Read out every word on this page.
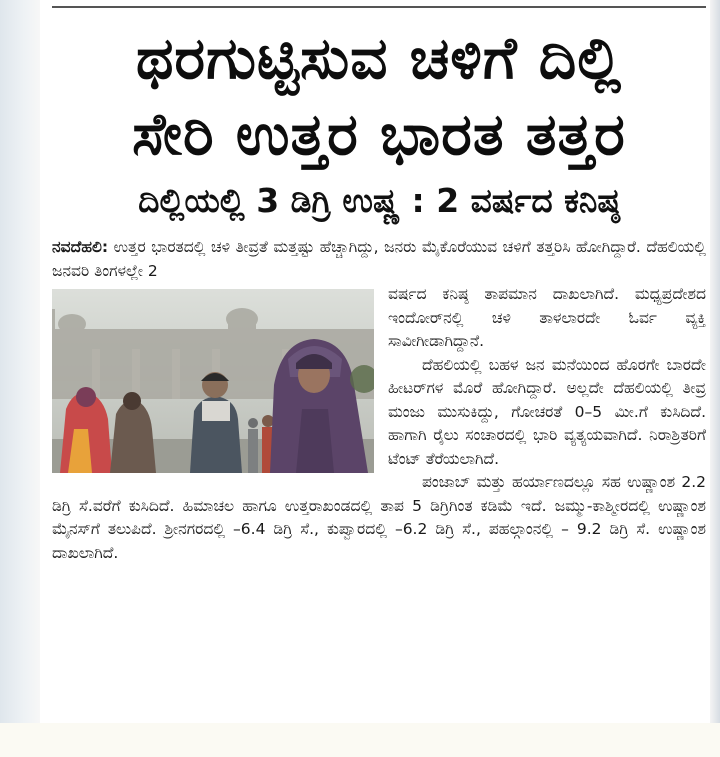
ಥರಗುಟ್ಟಿಸುವ ಚಳಿಗೆ ದಿಲ್ಲಿ
ಸೇರಿ ಉತ್ತರ ಭಾರತ ತತ್ತರ
ದಿಲ್ಲಿಯಲ್ಲಿ 3 ಡಿಗ್ರಿ ಉಷ್ಣ : 2 ವರ್ಷದ ಕನಿಷ್ಠ

ನವದೆಹಲಿ: ಉತ್ತರ ಭಾರತದಲ್ಲಿ ಚಳಿ ತೀವ್ರತೆ ಮತ್ತಷ್ಟು ಹೆಚ್ಚಾಗಿದ್ದು, ಜನರು ಮೈಕೊರೆಯುವ ಚಳಿಗೆ ತತ್ತರಿಸಿ ಹೋಗಿದ್ದಾರೆ. ದೆಹಲಿಯಲ್ಲಿ ಜನವರಿ ತಿಂಗಳಲ್ಲೇ 2

ವರ್ಷದ ಕನಿಷ್ಠ ತಾಪಮಾನ ದಾಖಲಾಗಿದೆ. ಮಧ್ಯಪ್ರದೇಶದ ಇಂದೋರ್‌ನಲ್ಲಿ ಚಳಿ ತಾಳಲಾರದೇ ಓರ್ವ ವ್ಯಕ್ತಿ ಸಾವೀಗೀಡಾಗಿದ್ದಾನೆ.

ದೆಹಲಿಯಲ್ಲಿ ಬಹಳ ಜನ ಮನೆಯಿಂದ ಹೊರಗೇ ಬಾರದೇ ಹೀಟರ್‌ಗಳ ಮೊರೆ ಹೋಗಿದ್ದಾರೆ. ಅಲ್ಲದೇ ದೆಹಲಿಯಲ್ಲಿ ತೀವ್ರ ಮಂಜು ಮುಸುಕಿದ್ದು, ಗೋಚರತೆ 0–5 ಮೀ.ಗೆ ಕುಸಿದಿದೆ. ಹಾಗಾಗಿ ರೈಲು ಸಂಚಾರದಲ್ಲಿ ಭಾರಿ ವ್ಯತ್ಯಯವಾಗಿದೆ. ನಿರಾಶ್ರಿತರಿಗೆ ಟೆಂಟ್ ತೆರೆಯಲಾಗಿದೆ.

ಪಂಜಾಬ್ ಮತ್ತು ಹರ್ಯಾಣದಲ್ಲೂ ಸಹ ಉಷ್ಣಾಂಶ 2.2 ಡಿಗ್ರಿ ಸೆ.ವರೆಗೆ ಕುಸಿದಿದೆ. ಹಿಮಾಚಲ ಹಾಗೂ ಉತ್ತರಾಖಂಡದಲ್ಲಿ ತಾಪ 5 ಡಿಗ್ರಿಗಿಂತ ಕಡಿಮೆ ಇದೆ. ಜಮ್ಮು-ಕಾಶ್ಮೀರದಲ್ಲಿ ಉಷ್ಣಾಂಶ ಮೈನಸ್‌ಗೆ ತಲುಪಿದೆ. ಶ್ರೀನಗರದಲ್ಲಿ –6.4 ಡಿಗ್ರಿ ಸೆ., ಕುಪ್ವಾರದಲ್ಲಿ –6.2 ಡಿಗ್ರಿ ಸೆ., ಪಹಲ್ಗಾಂನಲ್ಲಿ – 9.2 ಡಿಗ್ರಿ ಸೆ. ಉಷ್ಣಾಂಶ ದಾಖಲಾಗಿದೆ.
